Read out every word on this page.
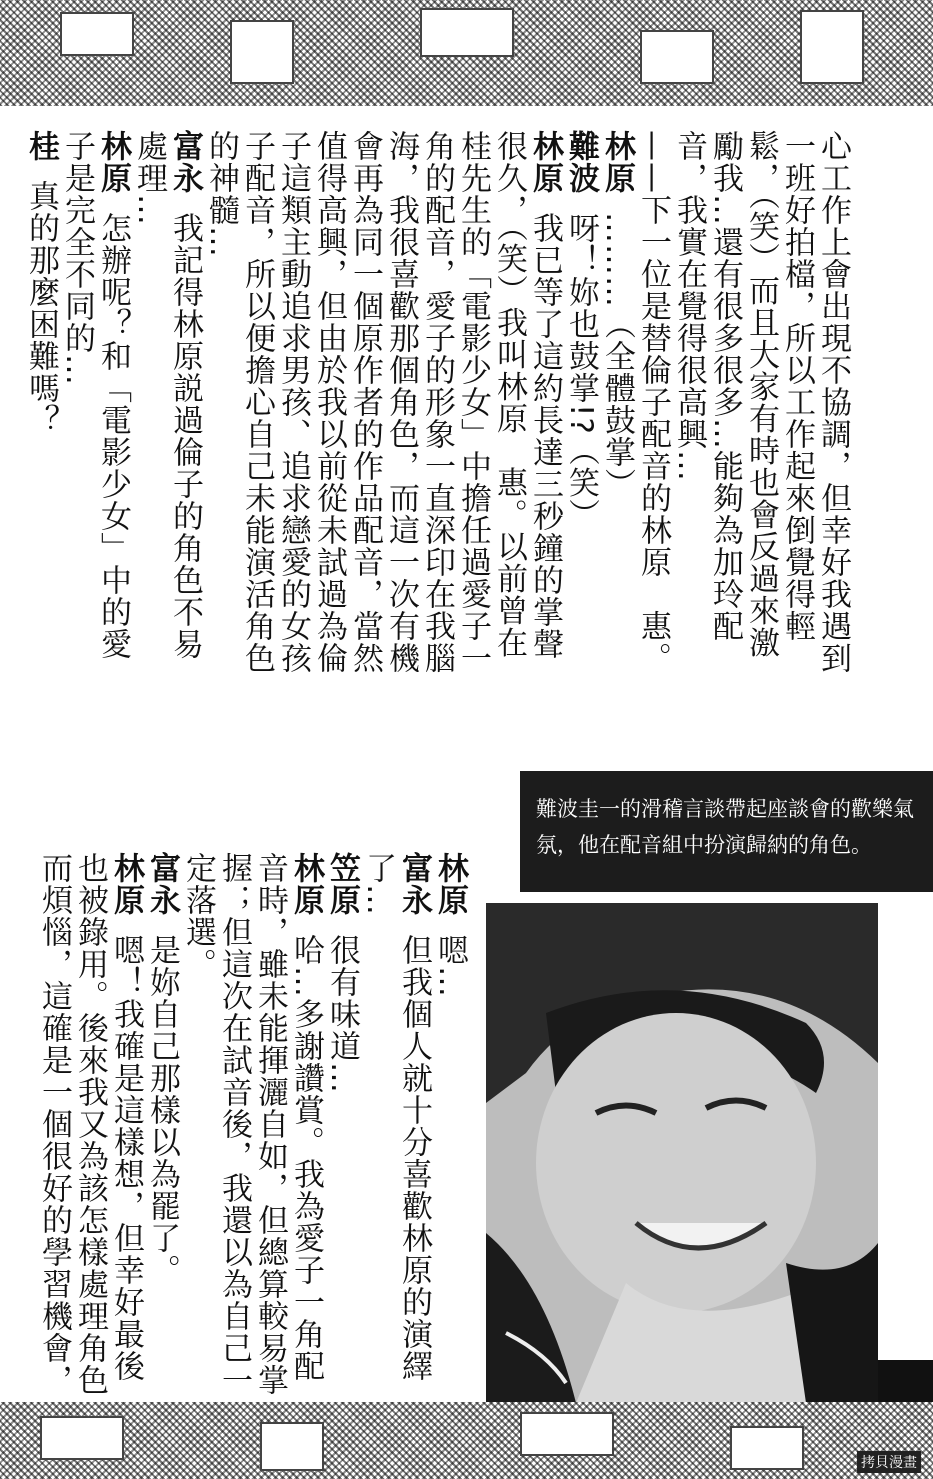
心工作上會出現不協調，但幸好我遇到

一班好拍檔，所以工作起來倒覺得輕

鬆，（笑）而且大家有時也會反過來激

勵我…還有很多很多…能夠為加玲配

音，我實在覺得很高興…

——下一位是替倫子配音的林原　惠。

林原………（全體鼓掌）

難波呀！妳也鼓掌!?（笑）

林原我已等了這約長達三秒鐘的掌聲

很久，（笑）我叫林原　惠。以前曾在

桂先生的「電影少女」中擔任過愛子一

角的配音，愛子的形象一直深印在我腦

海，我很喜歡那個角色，而這一次有機

會再為同一個原作者的作品配音，當然

值得高興，但由於我以前從未試過為倫

子這類主動追求男孩、追求戀愛的女孩

子配音，所以便擔心自己未能演活角色

的神髓…

富永我記得林原説過倫子的角色不易

處理…

林原怎辦呢？和「電影少女」中的愛

子是完全不同的…

桂真的那麼困難嗎？

難波圭一的滑稽言談帶起座談會的歡樂氣氛，他在配音組中扮演歸納的角色。

林原嗯…

富永但我個人就十分喜歡林原的演繹

了…

笠原很有味道…

林原哈…多謝讚賞。我為愛子一角配

音時，雖未能揮灑自如，但總算較易掌

握；但這次在試音後，我還以為自己一

定落選。

富永是妳自己那樣以為罷了。

林原嗯！我確是這樣想，但幸好最後

也被錄用。後來我又為該怎樣處理角色

而煩惱，這確是一個很好的學習機會，

拷貝漫畫
